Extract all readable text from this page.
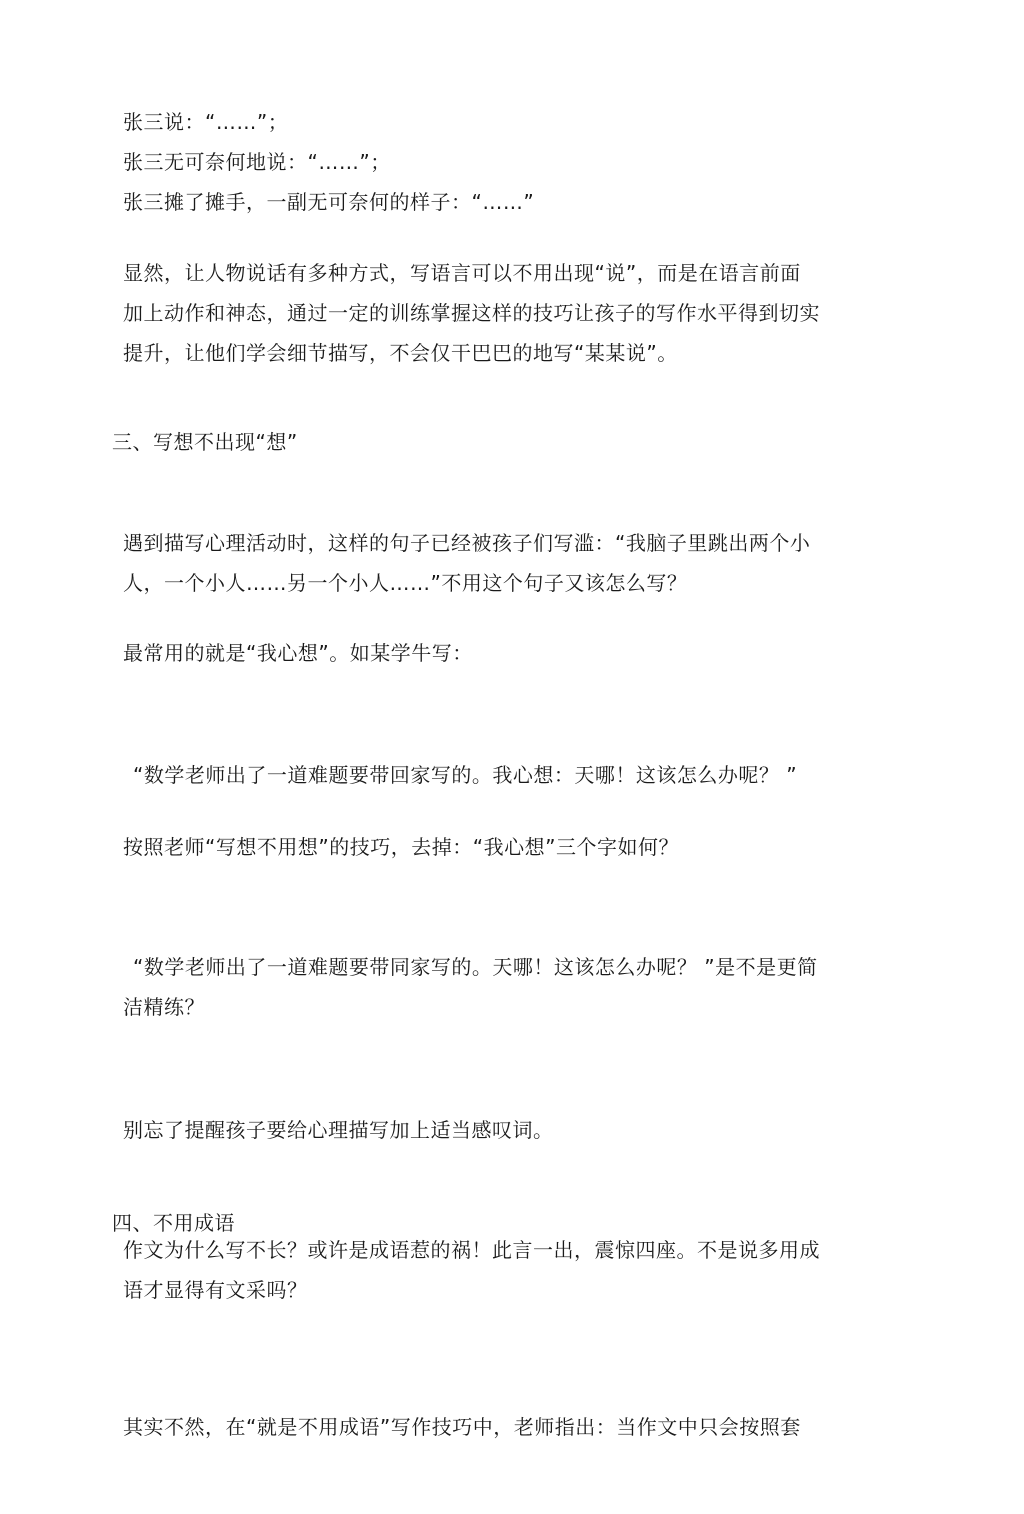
张三说：“……”；
张三无可奈何地说：“……”；
张三摊了摊手，一副无可奈何的样子：“……”
显然，让人物说话有多种方式，写语言可以不用出现“说”，而是在语言前面
加上动作和神态，通过一定的训练掌握这样的技巧让孩子的写作水平得到切实
提升，让他们学会细节描写，不会仅干巴巴的地写“某某说”。
三、写想不出现“想”
遇到描写心理活动时，这样的句子已经被孩子们写滥：“我脑子里跳出两个小
人，一个小人……另一个小人……”不用这个句子又该怎么写？
最常用的就是“我心想”。如某学牛写：
“数学老师出了一道难题要带回家写的。我心想：天哪！这该怎么办呢？ ”
按照老师“写想不用想”的技巧，去掉：“我心想”三个字如何？
“数学老师出了一道难题要带同家写的。天哪！这该怎么办呢？ ”是不是更简
洁精练？
别忘了提醒孩子要给心理描写加上适当感叹词。
四、不用成语
作文为什么写不长？或许是成语惹的祸！此言一出，震惊四座。不是说多用成
语才显得有文采吗？
其实不然，在“就是不用成语”写作技巧中，老师指出：当作文中只会按照套
